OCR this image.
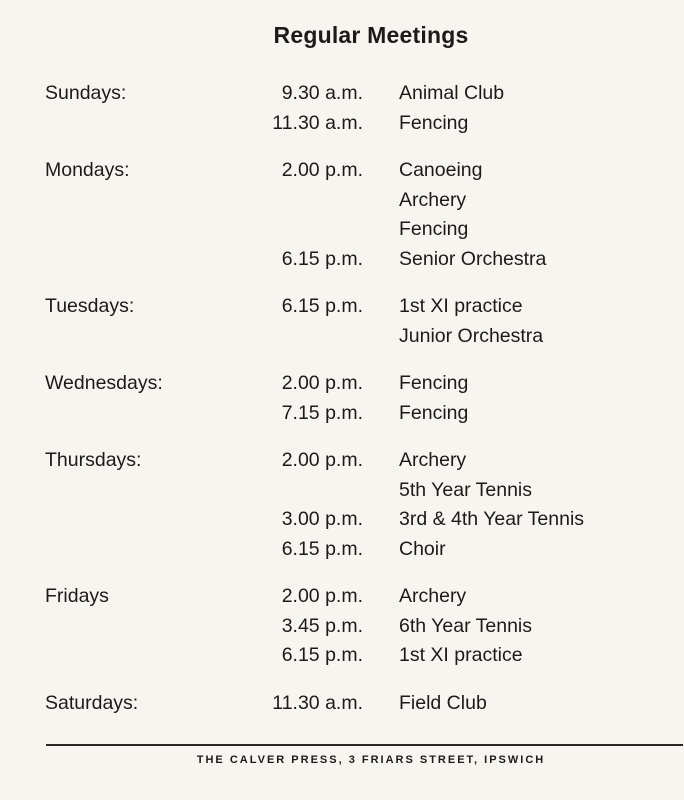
Regular Meetings
Sundays:	9.30 a.m. Animal Club
11.30 a.m. Fencing
Mondays:	2.00 p.m. Canoeing
Archery
Fencing
6.15 p.m. Senior Orchestra
Tuesdays:	6.15 p.m. 1st XI practice
Junior Orchestra
Wednesdays:	2.00 p.m. Fencing
7.15 p.m. Fencing
Thursdays:	2.00 p.m. Archery
5th Year Tennis
3.00 p.m. 3rd & 4th Year Tennis
6.15 p.m. Choir
Fridays	2.00 p.m. Archery
3.45 p.m. 6th Year Tennis
6.15 p.m. 1st XI practice
Saturdays:	11.30 a.m. Field Club
THE CALVER PRESS, 3 FRIARS STREET, IPSWICH
